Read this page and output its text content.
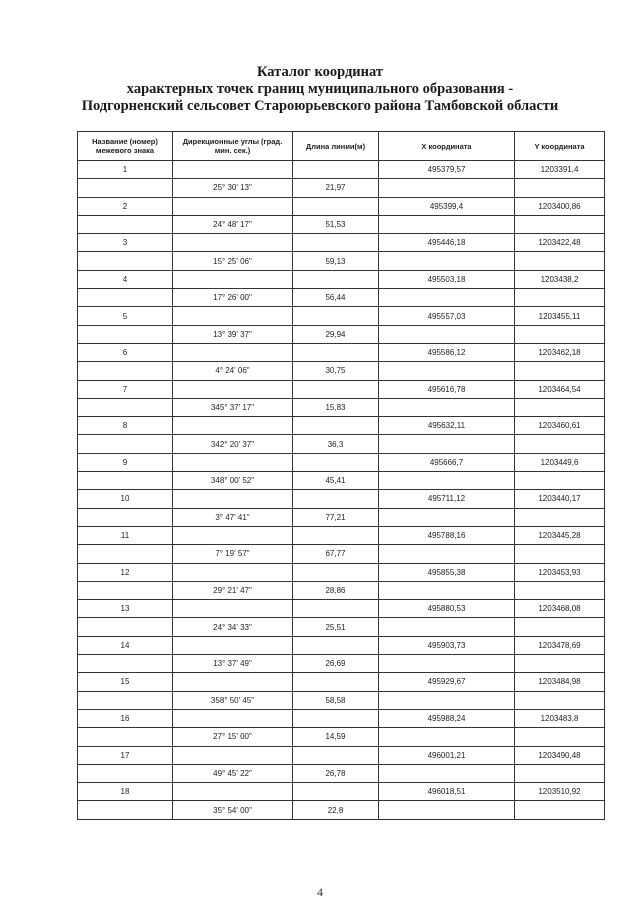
Каталог координат
характерных точек границ муниципального образования -
Подгорненский сельсовет Староюрьевского района Тамбовской области
Название (номер) межевого знака	Дирекционные углы (град. мин. сек.)	Длина линии(м)	X координата	Y координата
1			495379,57	1203391,4
	25° 30' 13"	21,97		
2			495399,4	1203400,86
	24° 48' 17"	51,53		
3			495446,18	1203422,48
	15° 25' 06"	59,13		
4			495503,18	1203438,2
	17° 26' 00"	56,44		
5			495557,03	1203455,11
	13° 39' 37"	29,94		
6			495586,12	1203462,18
	4° 24' 06"	30,75		
7			495616,78	1203464,54
	345° 37' 17"	15,83		
8			495632,11	1203460,61
	342° 20' 37"	36,3		
9			495666,7	1203449,6
	348° 00' 52"	45,41		
10			495711,12	1203440,17
	3° 47' 41"	77,21		
11			495788,16	1203445,28
	7° 19' 57"	67,77		
12			495855,38	1203453,93
	29° 21' 47"	28,86		
13			495880,53	1203468,08
	24° 34' 33"	25,51		
14			495903,73	1203478,69
	13° 37' 49"	26,69		
15			495929,67	1203484,98
	358° 50' 45"	58,58		
16			495988,24	1203483,8
	27° 15' 00"	14,59		
17			496001,21	1203490,48
	49° 45' 22"	26,78		
18			496018,51	1203510,92
	35° 54' 00"	22,8		
4
